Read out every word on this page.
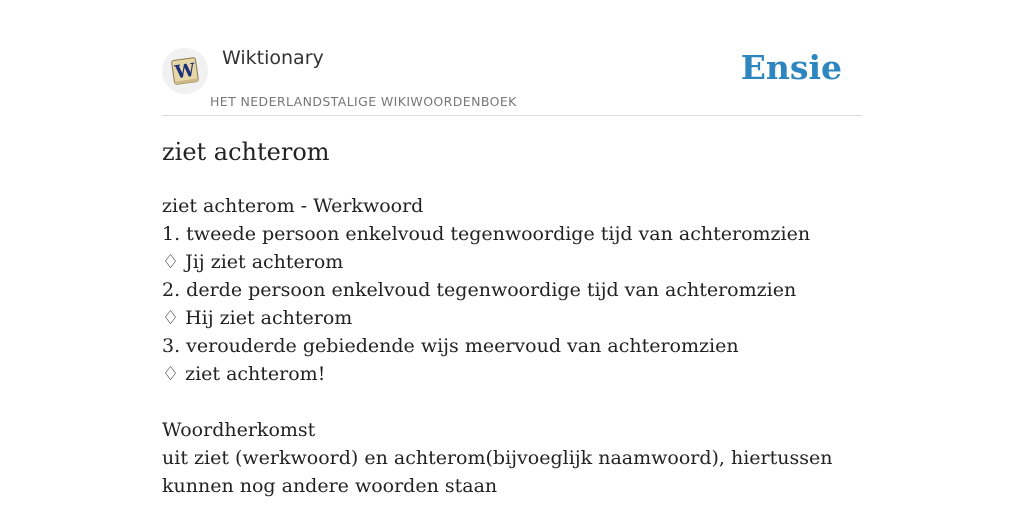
W
Wiktionary
HET NEDERLANDSTALIGE WIKIWOORDENBOEK
Ensie
ziet achterom
ziet achterom - Werkwoord
1. tweede persoon enkelvoud tegenwoordige tijd van achteromzien
♢ Jij ziet achterom
2. derde persoon enkelvoud tegenwoordige tijd van achteromzien
♢ Hij ziet achterom
3. verouderde gebiedende wijs meervoud van achteromzien
♢ ziet achterom!
Woordherkomst
uit ziet (werkwoord) en achterom(bijvoeglijk naamwoord), hiertussen kunnen nog andere woorden staan
